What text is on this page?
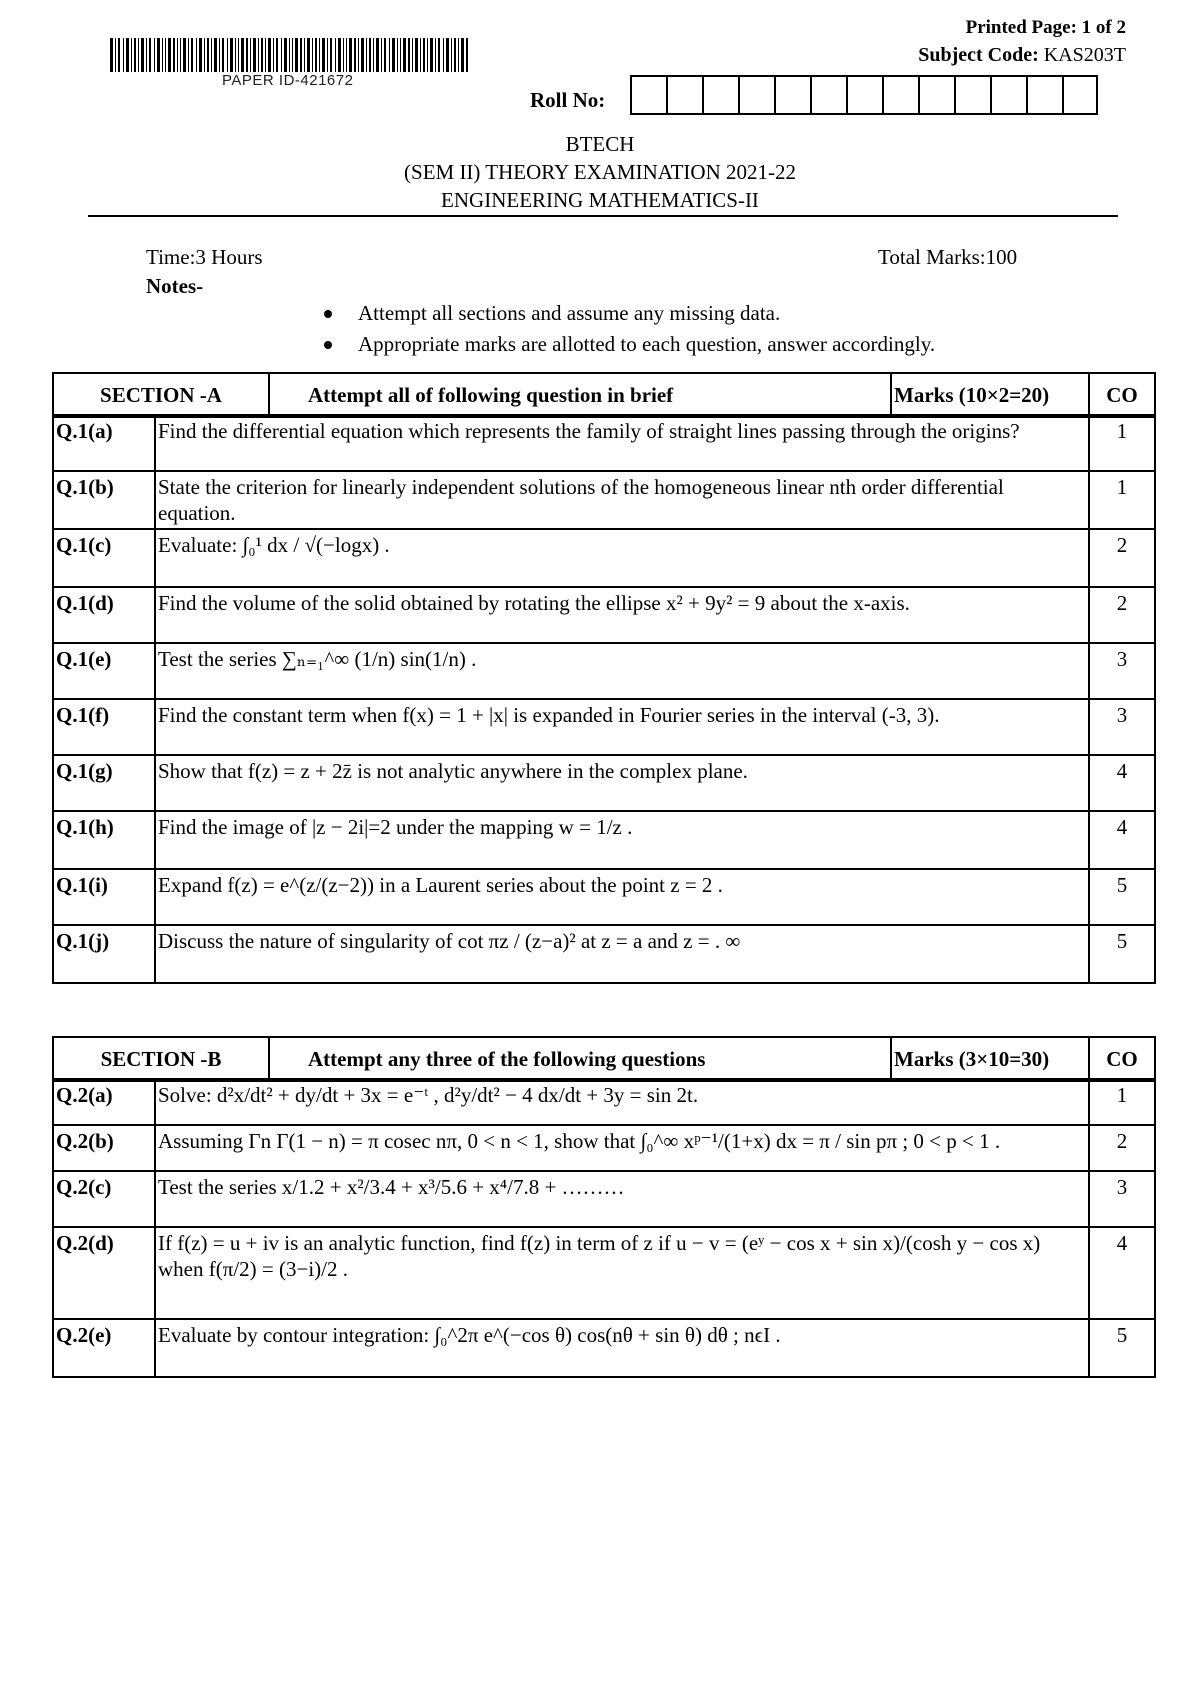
PAPER ID-421672
Printed Page: 1 of 2
Subject Code: KAS203T
Roll No:
BTECH
(SEM II) THEORY EXAMINATION 2021-22
ENGINEERING MATHEMATICS-II
Time:3 Hours	Total Marks:100
Notes-
Attempt all sections and assume any missing data.
Appropriate marks are allotted to each question, answer accordingly.
SECTION -A	Attempt all of following question in brief	Marks (10×2=20)	CO
Q.1(a)	Find the differential equation which represents the family of straight lines passing through the origins?	1
Q.1(b)	State the criterion for linearly independent solutions of the homogeneous linear nth order differential equation.	1
Q.1(c)	Evaluate: ∫₀¹ dx / √(−logx) .	2
Q.1(d)	Find the volume of the solid obtained by rotating the ellipse x² + 9y² = 9 about the x-axis.	2
Q.1(e)	Test the series ∑ₙ₌₁^∞ (1/n) sin(1/n) .	3
Q.1(f)	Find the constant term when f(x) = 1 + |x| is expanded in Fourier series in the interval (-3, 3).	3
Q.1(g)	Show that f(z) = z + 2z̄ is not analytic anywhere in the complex plane.	4
Q.1(h)	Find the image of |z − 2i|=2 under the mapping w = 1/z .	4
Q.1(i)	Expand f(z) = e^(z/(z−2)) in a Laurent series about the point z = 2 .	5
Q.1(j)	Discuss the nature of singularity of cot πz / (z−a)² at z = a and z = . ∞	5
SECTION -B	Attempt any three of the following questions	Marks (3×10=30)	CO
Q.2(a)	Solve: d²x/dt² + dy/dt + 3x = e⁻ᵗ , d²y/dt² − 4 dx/dt + 3y = sin 2t.	1
Q.2(b)	Assuming Γn Γ(1 − n) = π cosec nπ, 0 < n < 1, show that ∫₀^∞ xᵖ⁻¹/(1+x) dx = π / sin pπ ; 0 < p < 1 .	2
Q.2(c)	Test the series x/1.2 + x²/3.4 + x³/5.6 + x⁴/7.8 + ………	3
Q.2(d)	If f(z) = u + iv is an analytic function, find f(z) in term of z if u − v = (eʸ − cos x + sin x)/(cosh y − cos x) when f(π/2) = (3−i)/2 .	4
Q.2(e)	Evaluate by contour integration: ∫₀^2π e^(−cos θ) cos(nθ + sin θ) dθ ; nϵI .	5
